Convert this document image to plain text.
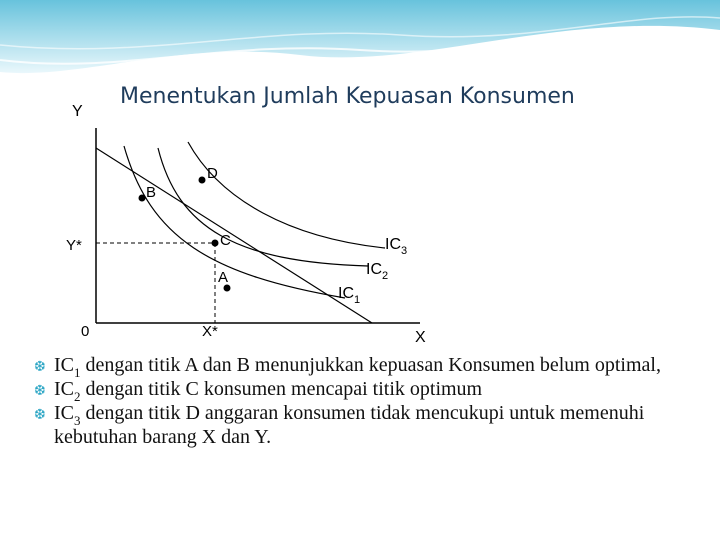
Menentukan Jumlah Kepuasan Konsumen
Y
X
0
Y*
X*
B
D
C
A
$IC_3$
$IC_2$
$IC_1$

❆ $IC_1$ dengan titik A dan B menunjukkan kepuasan Konsumen belum optimal,

❆ $IC_2$ dengan titik C konsumen mencapai titik optimum

❆ $IC_3$ dengan titik D anggaran konsumen tidak mencukupi untuk memenuhi kebutuhan barang X dan Y.
